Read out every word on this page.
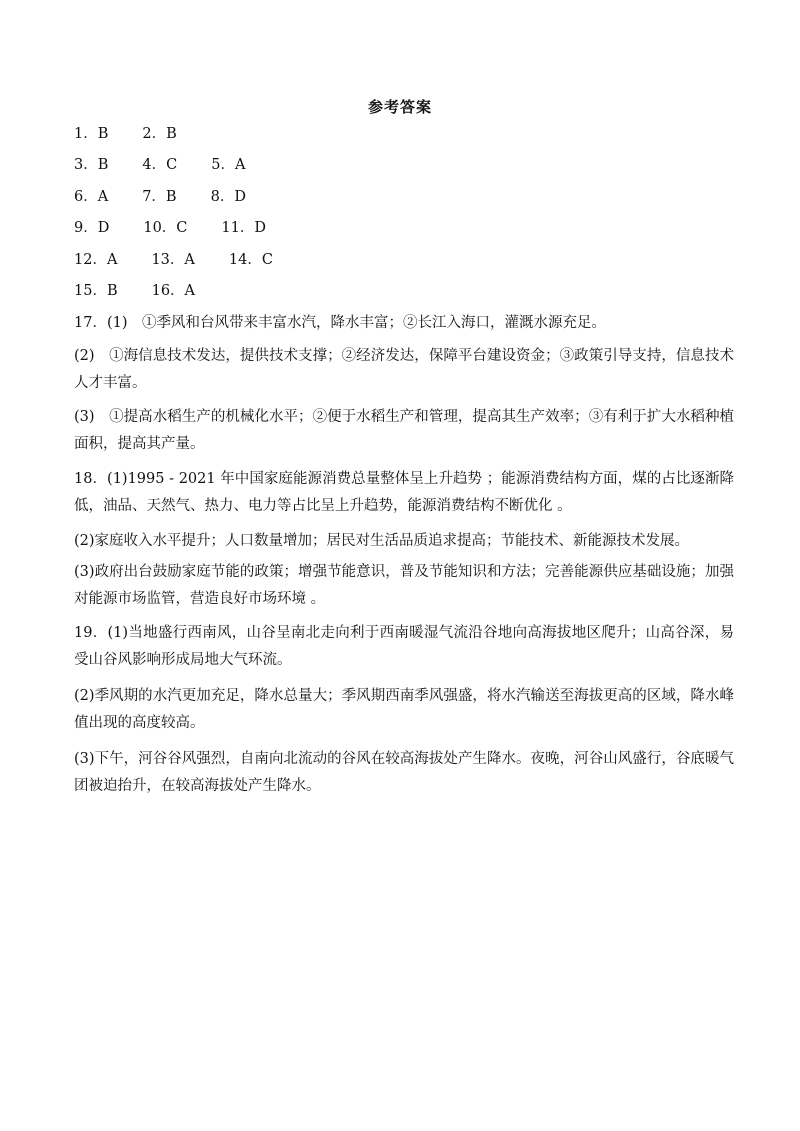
参考答案
1．B 2．B
3．B 4．C 5．A
6．A 7．B 8．D
9．D 10．C 11．D
12．A 13．A 14．C
15．B 16．A
17．(1)　①季风和台风带来丰富水汽，降水丰富；②长江入海口，灌溉水源充足。
(2)　①海信息技术发达，提供技术支撑；②经济发达，保障平台建设资金；③政策引导支持，信息技术人才丰富。
(3)　①提高水稻生产的机械化水平；②便于水稻生产和管理，提高其生产效率；③有利于扩大水稻种植面积，提高其产量。
18．(1)1995 - 2021 年中国家庭能源消费总量整体呈上升趋势 ；能源消费结构方面，煤的占比逐渐降低，油品、天然气、热力、电力等占比呈上升趋势，能源消费结构不断优化 。
(2)家庭收入水平提升；人口数量增加；居民对生活品质追求提高；节能技术、新能源技术发展。
(3)政府出台鼓励家庭节能的政策；增强节能意识，普及节能知识和方法；完善能源供应基础设施；加强对能源市场监管，营造良好市场环境 。
19．(1)当地盛行西南风，山谷呈南北走向利于西南暖湿气流沿谷地向高海拔地区爬升；山高谷深，易受山谷风影响形成局地大气环流。
(2)季风期的水汽更加充足，降水总量大；季风期西南季风强盛，将水汽输送至海拔更高的区域，降水峰值出现的高度较高。
(3)下午，河谷谷风强烈，自南向北流动的谷风在较高海拔处产生降水。夜晚，河谷山风盛行，谷底暖气团被迫抬升，在较高海拔处产生降水。
